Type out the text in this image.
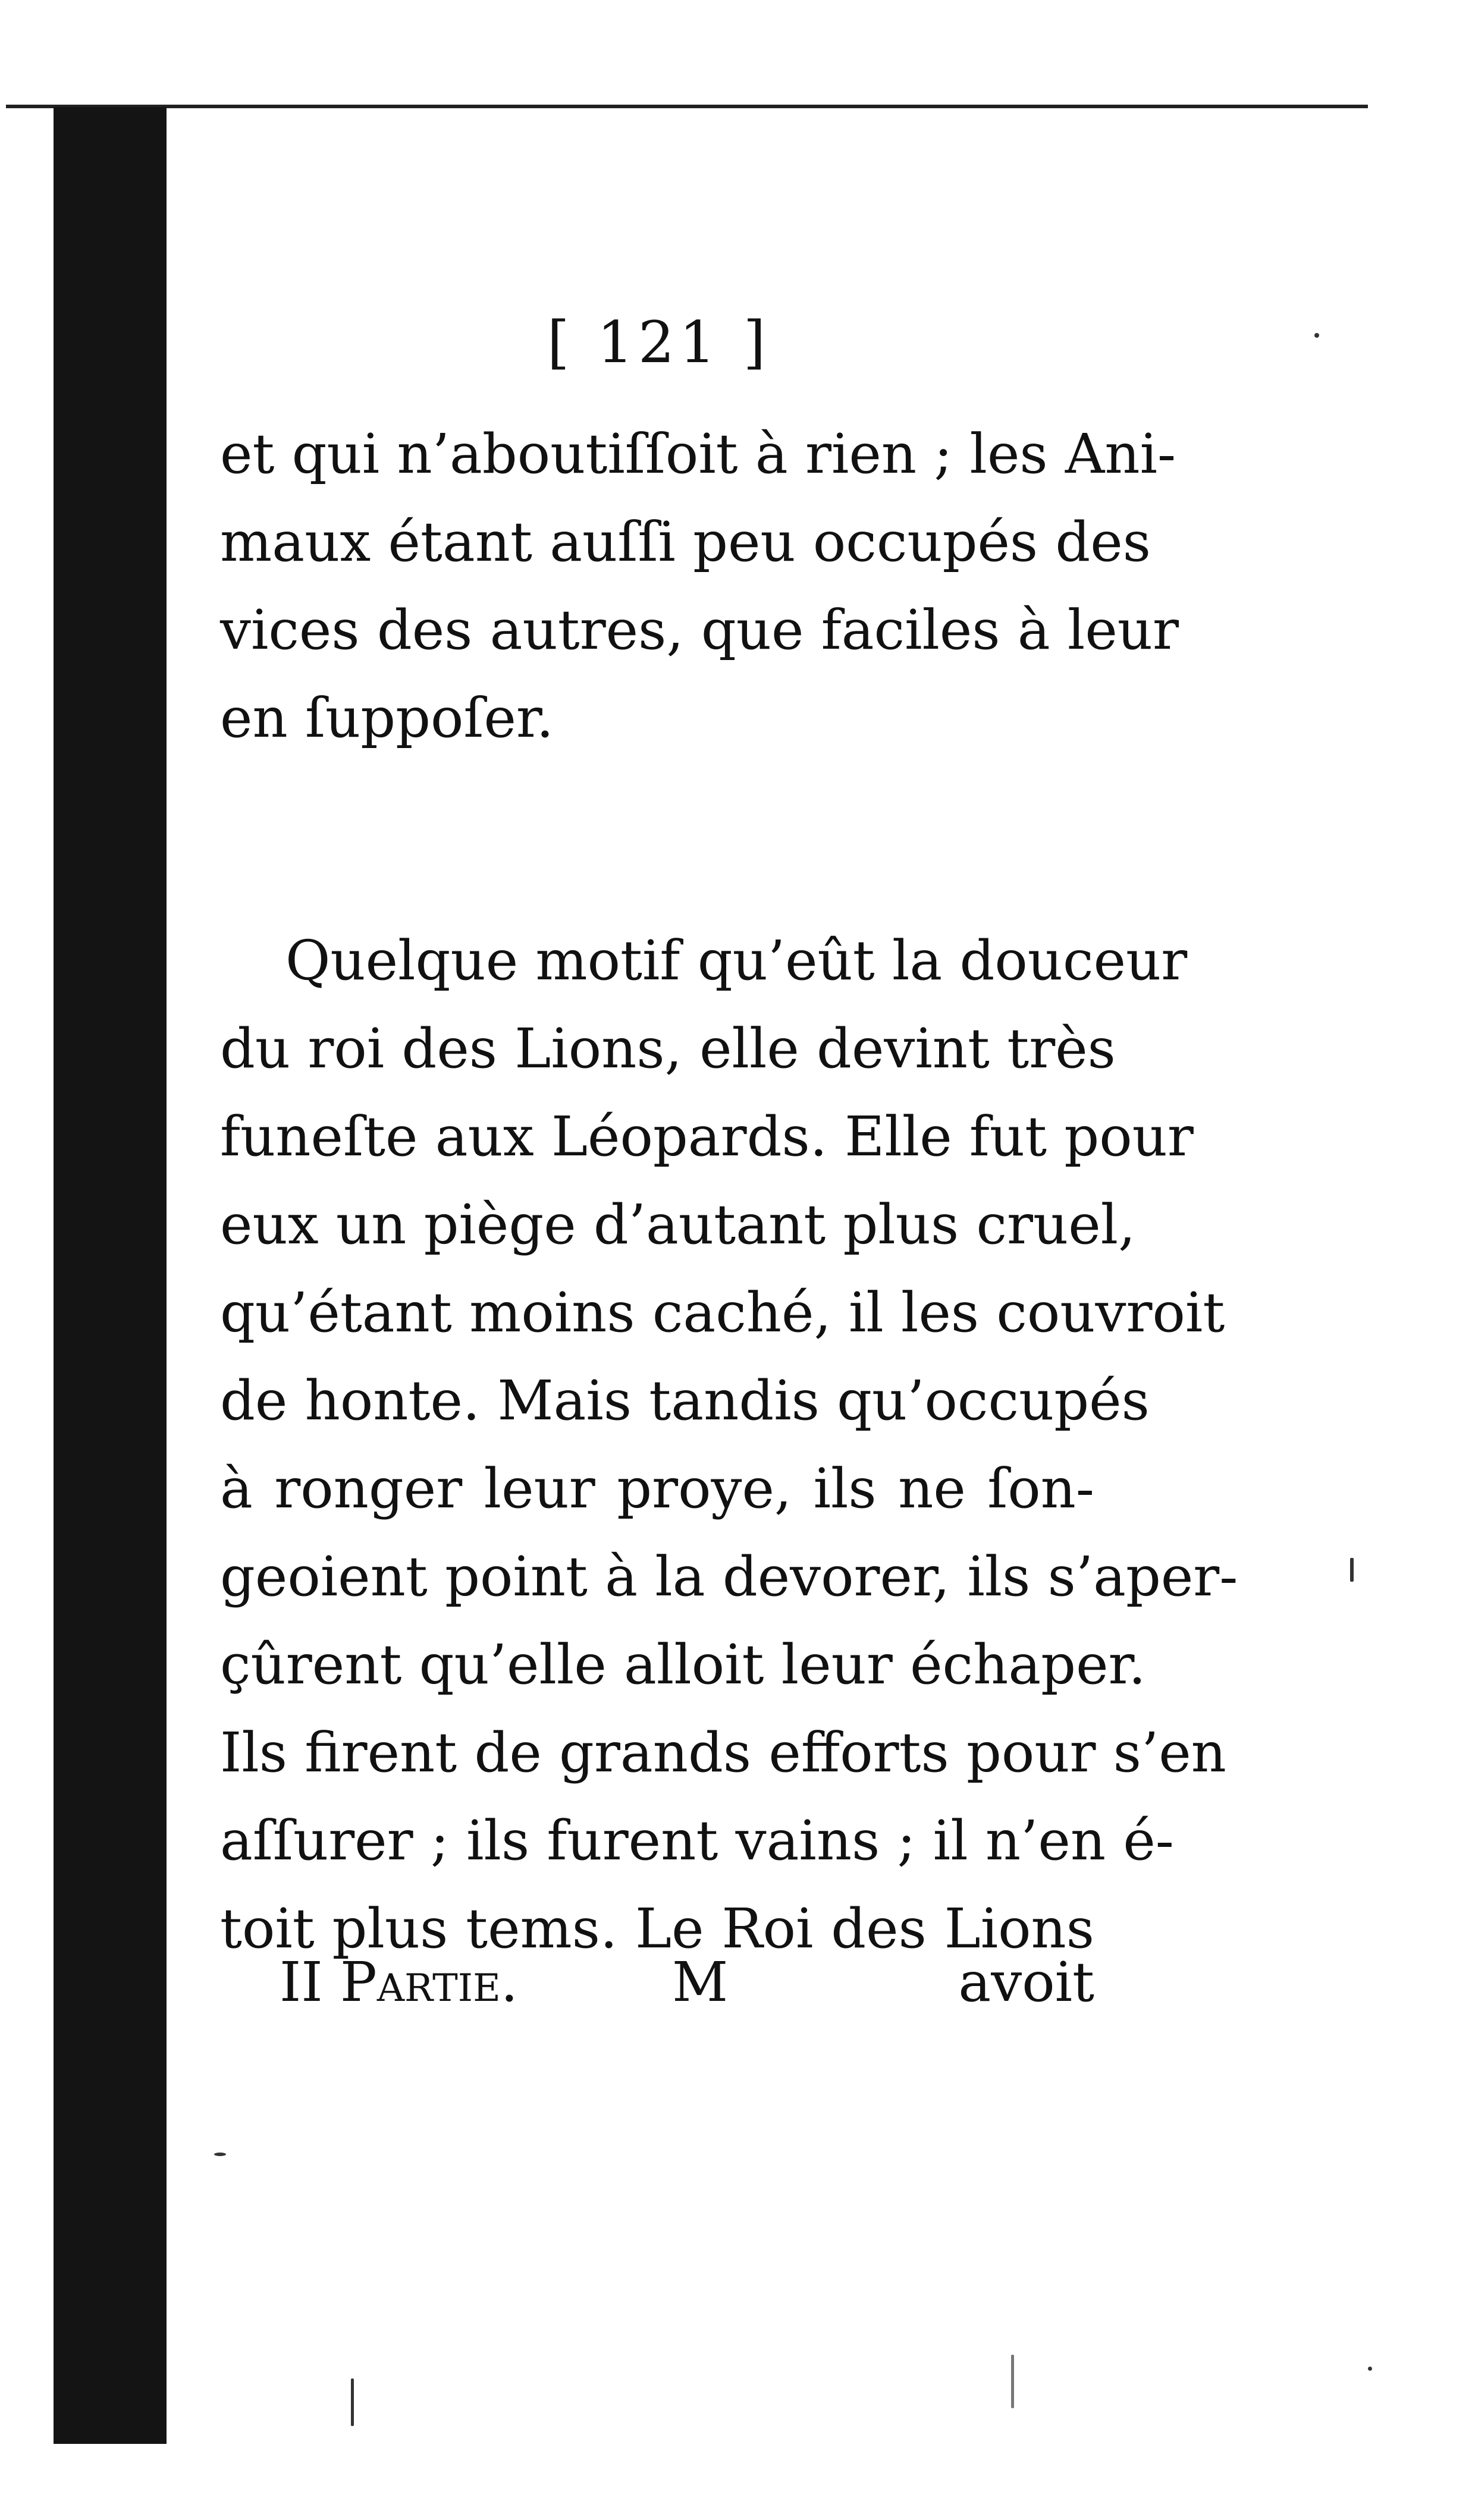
[ 121 ]
et qui n’aboutiſſoit à rien ; les Ani-
maux étant auſſi peu occupés des
vices des autres, que faciles à leur
en ſuppoſer.
Quelque motif qu’eût la douceur
du roi des Lions, elle devint très
funeſte aux Léopards. Elle fut pour
eux un piège d’autant plus cruel,
qu’étant moins caché, il les couvroit
de honte. Mais tandis qu’occupés
à ronger leur proye, ils ne ſon-
geoient point à la devorer, ils s’aper-
çûrent qu’elle alloit leur échaper.
Ils firent de grands efforts pour s’en
aſſurer ; ils furent vains ; il n’en é-
toit plus tems. Le Roi des Lions
II Partie.	M	avoit
